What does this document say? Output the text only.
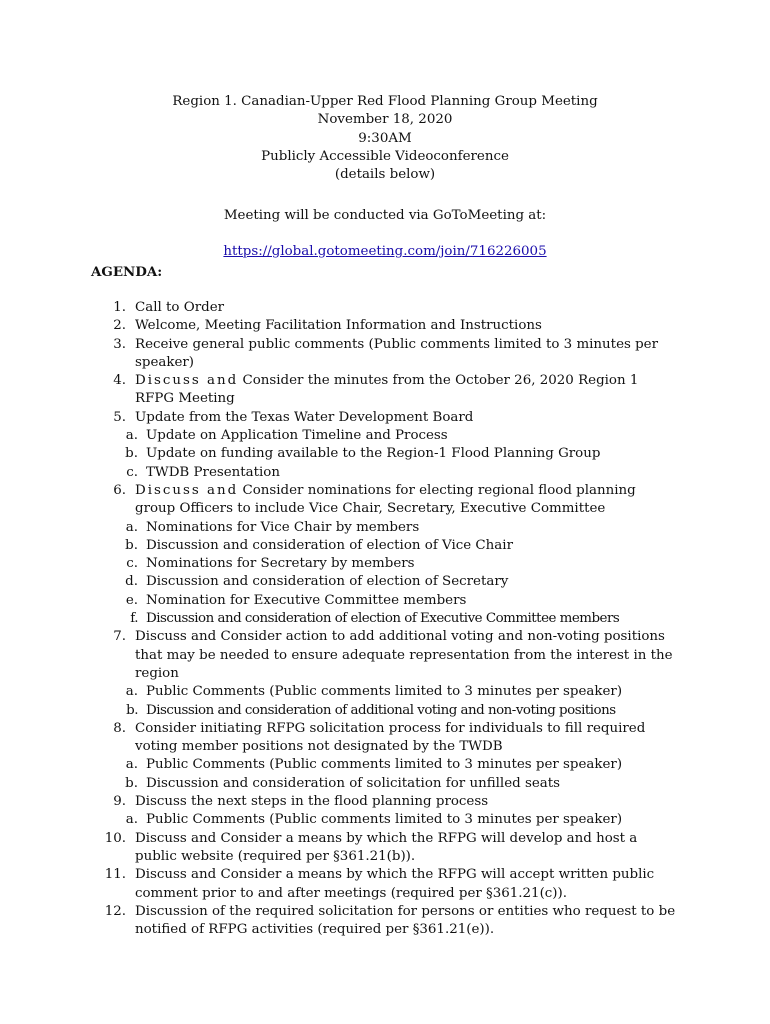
Region 1. Canadian-Upper Red Flood Planning Group Meeting
November 18, 2020
9:30AM
Publicly Accessible Videoconference
(details below)
Meeting will be conducted via GoToMeeting at:
https://global.gotomeeting.com/join/716226005
AGENDA:
1. Call to Order
2. Welcome, Meeting Facilitation Information and Instructions
3. Receive general public comments (Public comments limited to 3 minutes per speaker)
4. Discuss and Consider the minutes from the October 26, 2020 Region 1 RFPG Meeting
5. Update from the Texas Water Development Board
a. Update on Application Timeline and Process
b. Update on funding available to the Region-1 Flood Planning Group
c. TWDB Presentation
6. Discuss and Consider nominations for electing regional flood planning group Officers to include Vice Chair, Secretary, Executive Committee
a. Nominations for Vice Chair by members
b. Discussion and consideration of election of Vice Chair
c. Nominations for Secretary by members
d. Discussion and consideration of election of Secretary
e. Nomination for Executive Committee members
f. Discussion and consideration of election of Executive Committee members
7. Discuss and Consider action to add additional voting and non-voting positions that may be needed to ensure adequate representation from the interest in the region
a. Public Comments (Public comments limited to 3 minutes per speaker)
b. Discussion and consideration of additional voting and non-voting positions
8. Consider initiating RFPG solicitation process for individuals to fill required voting member positions not designated by the TWDB
a. Public Comments (Public comments limited to 3 minutes per speaker)
b. Discussion and consideration of solicitation for unfilled seats
9. Discuss the next steps in the flood planning process
a. Public Comments (Public comments limited to 3 minutes per speaker)
10. Discuss and Consider a means by which the RFPG will develop and host a public website (required per §361.21(b)).
11. Discuss and Consider a means by which the RFPG will accept written public comment prior to and after meetings (required per §361.21(c)).
12. Discussion of the required solicitation for persons or entities who request to be notified of RFPG activities (required per §361.21(e)).
